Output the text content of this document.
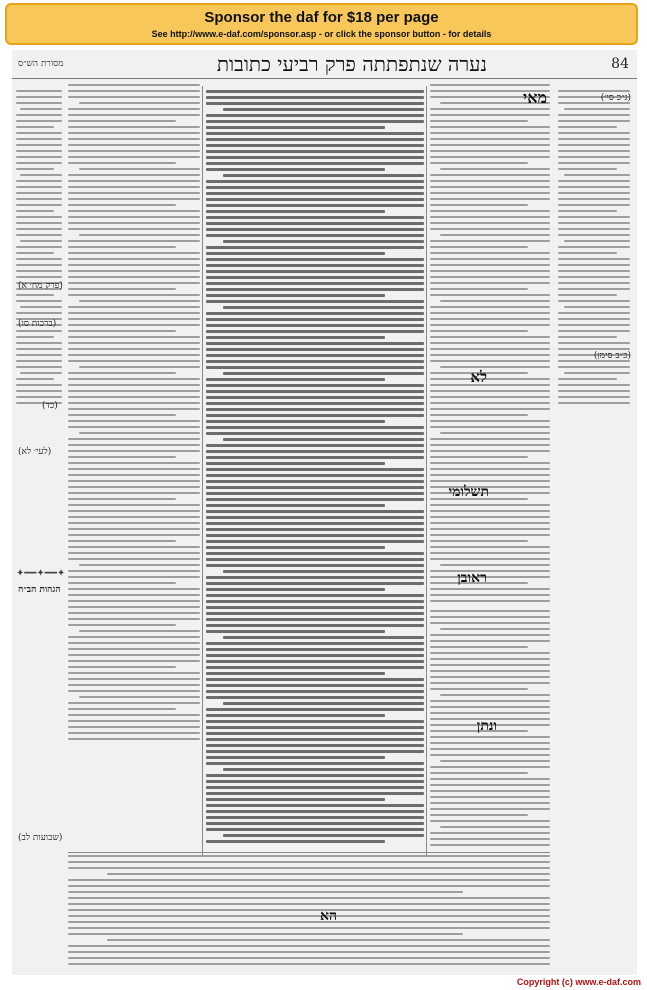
Sponsor the daf for $18 per page
See http://www.e-daf.com/sponsor.asp - or click the sponsor button - for details
מסורת הש״ס	נערה שנתפתתה פרק רביעי כתובות	84
מאי
לא
תשלומי
ראובן
ונתן
הא
(ג״כ סי׳)
(פרק מח׳ א)
(ברכות סו)
(כד)
(לעי׳ לא)
(כ״ב סימן)
הגהות הב״ח
(שבועות לב)
✦━━✦━━✦
Copyright (c) www.e-daf.com
